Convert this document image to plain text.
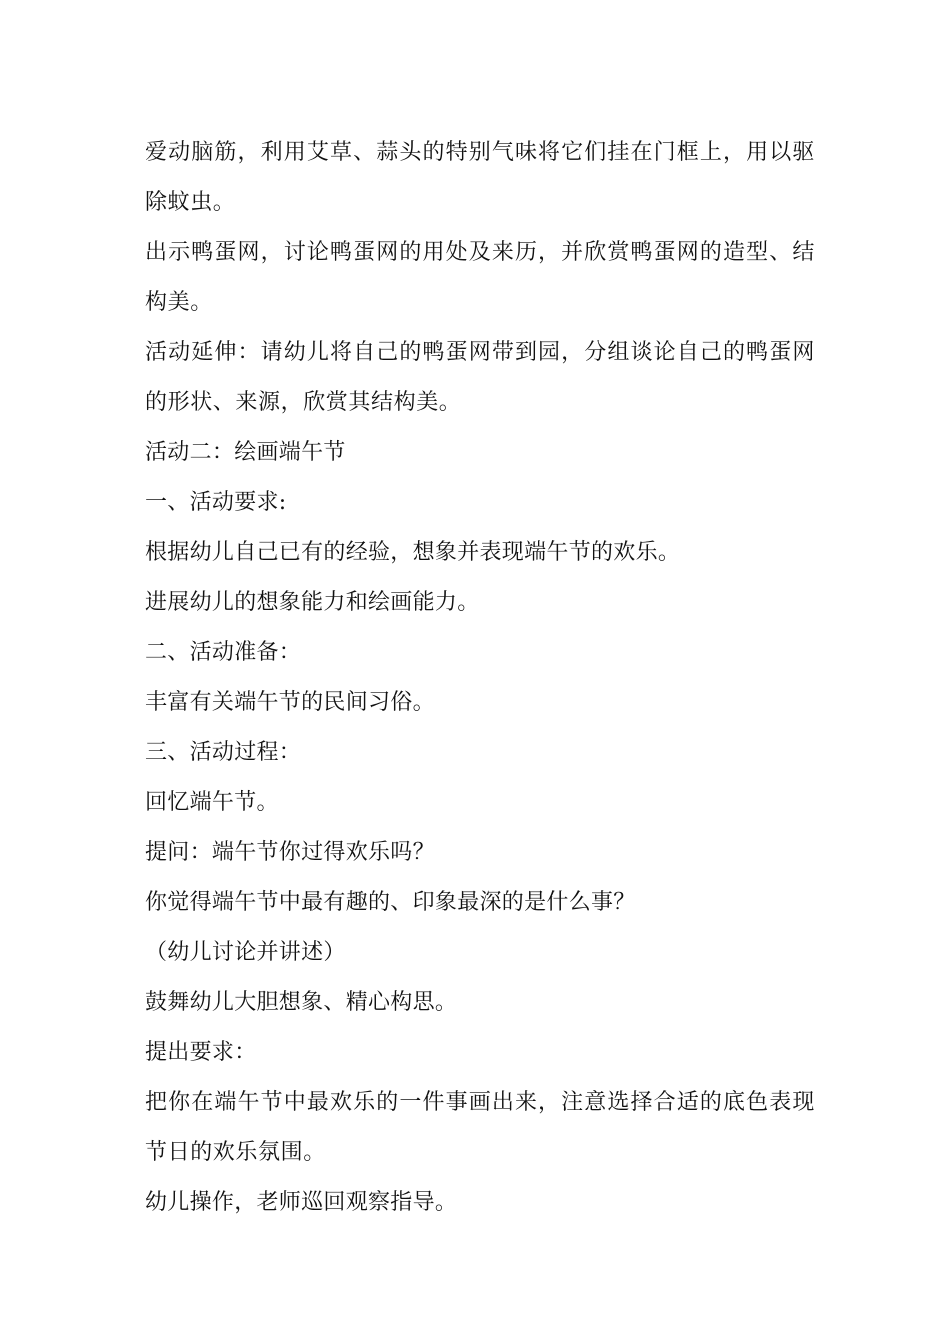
爱动脑筋，利用艾草、蒜头的特别气味将它们挂在门框上，用以驱除蚊虫。
出示鸭蛋网，讨论鸭蛋网的用处及来历，并欣赏鸭蛋网的造型、结构美。
活动延伸：请幼儿将自己的鸭蛋网带到园，分组谈论自己的鸭蛋网的形状、来源，欣赏其结构美。
活动二：绘画端午节
一、活动要求:
根据幼儿自己已有的经验，想象并表现端午节的欢乐。
进展幼儿的想象能力和绘画能力。
二、活动准备：
丰富有关端午节的民间习俗。
三、活动过程：
回忆端午节。
提问：端午节你过得欢乐吗？
你觉得端午节中最有趣的、印象最深的是什么事？
（幼儿讨论并讲述）
鼓舞幼儿大胆想象、精心构思。
提出要求：
把你在端午节中最欢乐的一件事画出来，注意选择合适的底色表现节日的欢乐氛围。
幼儿操作，老师巡回观察指导。
